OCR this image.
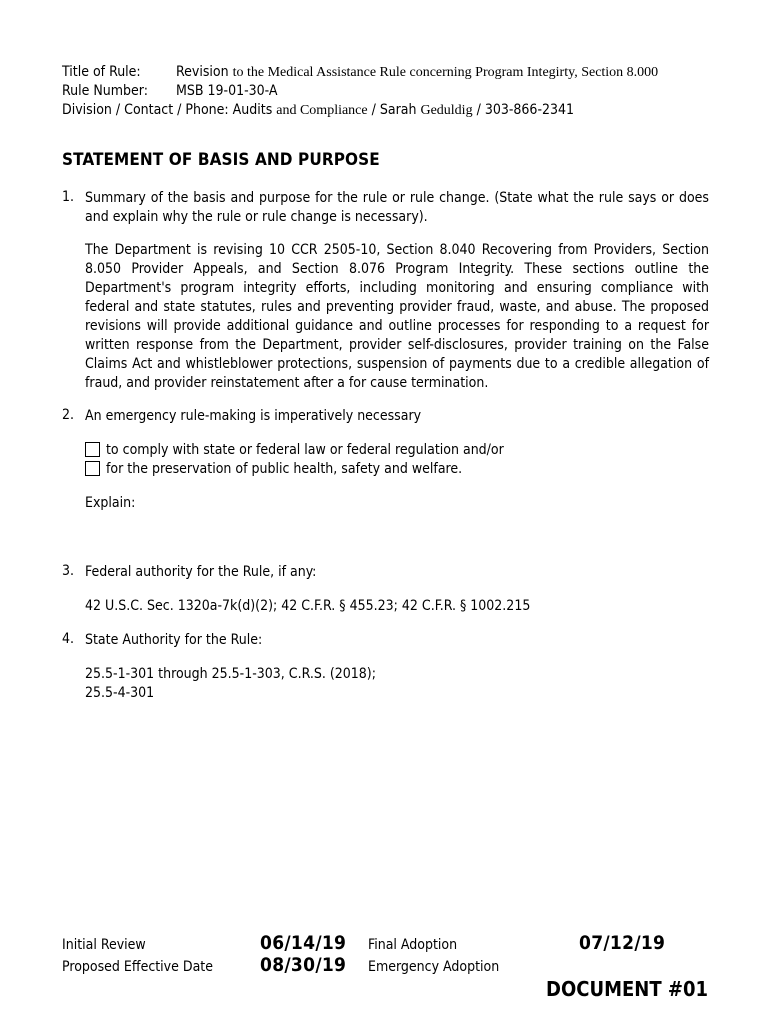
Title of Rule:	Revision to the Medical Assistance Rule concerning Program Integirty, Section 8.000
Rule Number: MSB 19-01-30-A
Division / Contact / Phone: Audits and Compliance / Sarah Geduldig / 303-866-2341
STATEMENT OF BASIS AND PURPOSE
1. Summary of the basis and purpose for the rule or rule change. (State what the rule says or does and explain why the rule or rule change is necessary).
The Department is revising 10 CCR 2505-10, Section 8.040 Recovering from Providers, Section 8.050 Provider Appeals, and Section 8.076 Program Integrity. These sections outline the Department's program integrity efforts, including monitoring and ensuring compliance with federal and state statutes, rules and preventing provider fraud, waste, and abuse. The proposed revisions will provide additional guidance and outline processes for responding to a request for written response from the Department, provider self-disclosures, provider training on the False Claims Act and whistleblower protections, suspension of payments due to a credible allegation of fraud, and provider reinstatement after a for cause termination.
2. An emergency rule-making is imperatively necessary
to comply with state or federal law or federal regulation and/or
for the preservation of public health, safety and welfare.
Explain:
3. Federal authority for the Rule, if any:
42 U.S.C. Sec. 1320a-7k(d)(2); 42 C.F.R. § 455.23; 42 C.F.R. § 1002.215
4. State Authority for the Rule:
25.5-1-301 through 25.5-1-303, C.R.S. (2018);
25.5-4-301
Initial Review	06/14/19 Final Adoption	07/12/19
Proposed Effective Date 08/30/19 Emergency Adoption
DOCUMENT #01
